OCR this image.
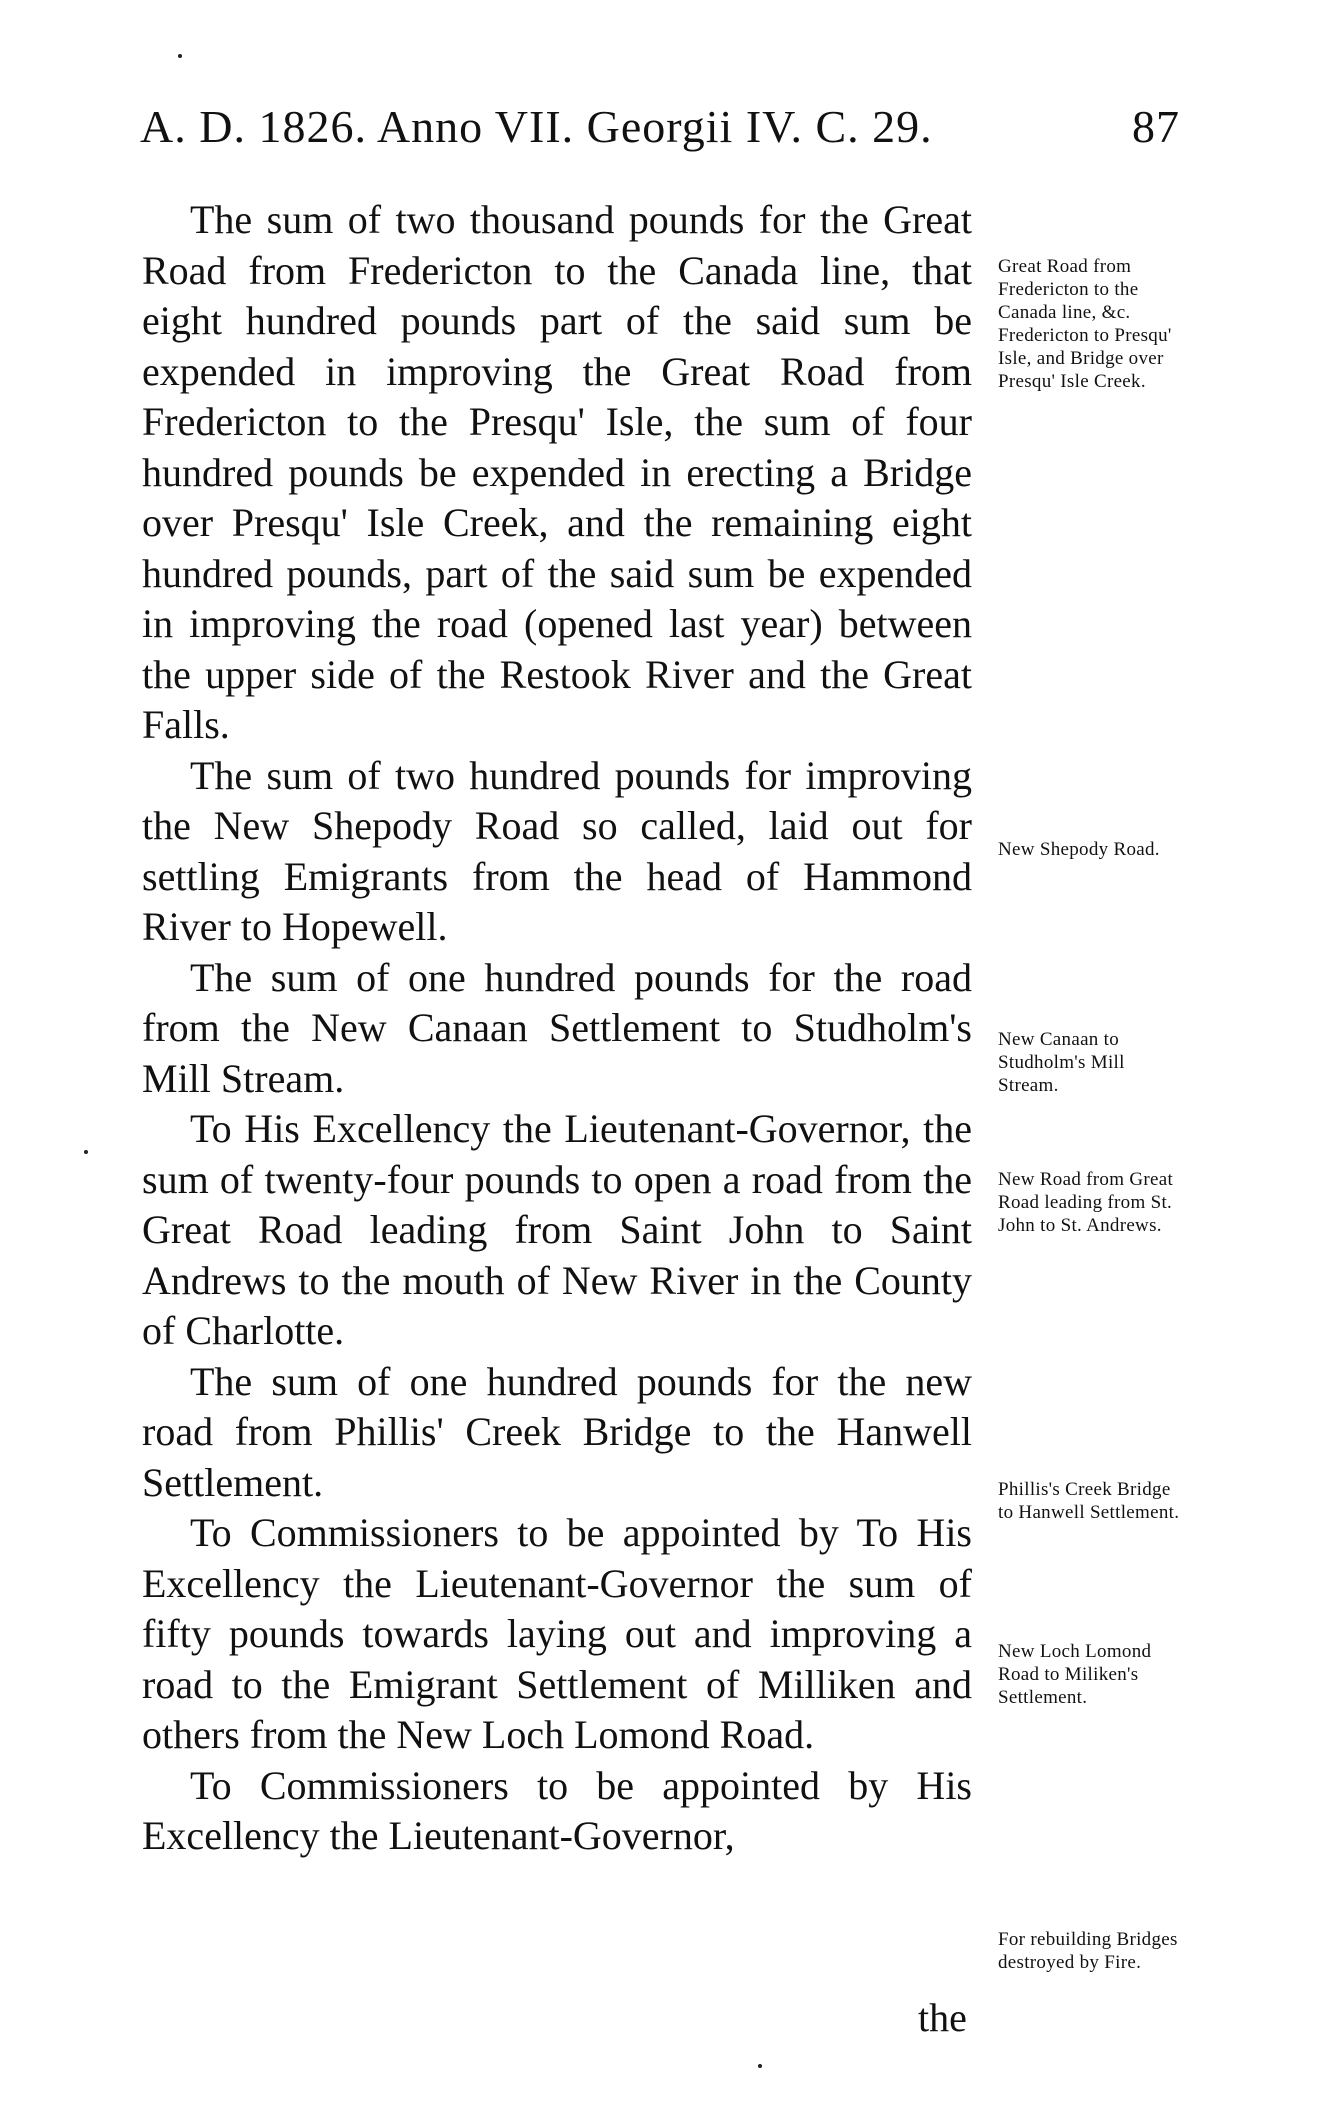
A. D. 1826. Anno VII. Georgii IV. C. 29.	87

The sum of two thousand pounds for the Great Road from Fredericton to the Canada line, that eight hundred pounds part of the said sum be expended in improving the Great Road from Fredericton to the Presqu' Isle, the sum of four hundred pounds be expended in erecting a Bridge over Presqu' Isle Creek, and the remaining eight hundred pounds, part of the said sum be expended in improving the road (opened last year) between the upper side of the Restook River and the Great Falls.

The sum of two hundred pounds for improving the New Shepody Road so called, laid out for settling Emigrants from the head of Hammond River to Hopewell.

The sum of one hundred pounds for the road from the New Canaan Settlement to Studholm's Mill Stream.

To His Excellency the Lieutenant-Governor, the sum of twenty-four pounds to open a road from the Great Road leading from Saint John to Saint Andrews to the mouth of New River in the County of Charlotte.

The sum of one hundred pounds for the new road from Phillis' Creek Bridge to the Hanwell Settlement.

To Commissioners to be appointed by To His Excellency the Lieutenant-Governor the sum of fifty pounds towards laying out and improving a road to the Emigrant Settlement of Milliken and others from the New Loch Lomond Road.

To Commissioners to be appointed by His Excellency the Lieutenant-Governor,

Great Road from Fredericton to the Canada line, &c. Fredericton to Presqu' Isle, and Bridge over Presqu' Isle Creek.
New Shepody Road.
New Canaan to Studholm's Mill Stream.
New Road from Great Road leading from St. John to St. Andrews.
Phillis's Creek Bridge to Hanwell Settlement.
New Loch Lomond Road to Miliken's Settlement.
For rebuilding Bridges destroyed by Fire.
the
